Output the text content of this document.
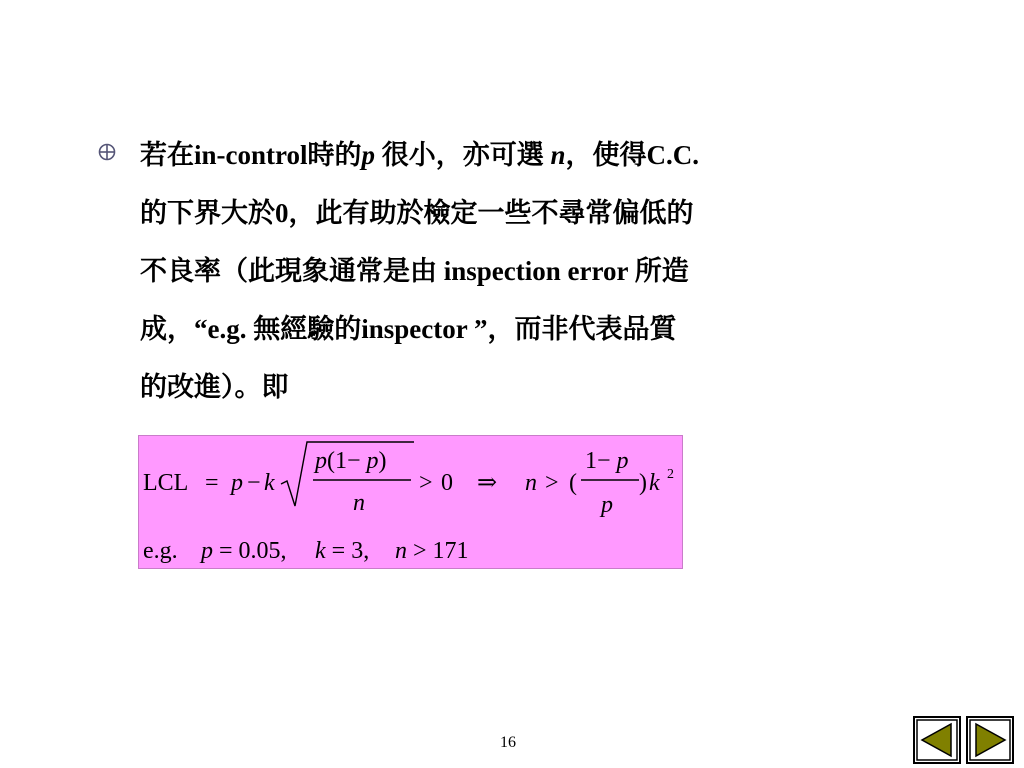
若在in-control時的p 很小，亦可選 n，使得C.C.
的下界大於0，此有助於檢定一些不尋常偏低的
不良率（此現象通常是由 inspection error 所造
成，“e.g. 無經驗的inspector ”，而非代表品質
的改進）。即
LCL = p − k
p(1− p)
n
> 0 ⇒ n > (
1− p
p
) k 2
e.g. p = 0.05, k = 3, n > 171
16
